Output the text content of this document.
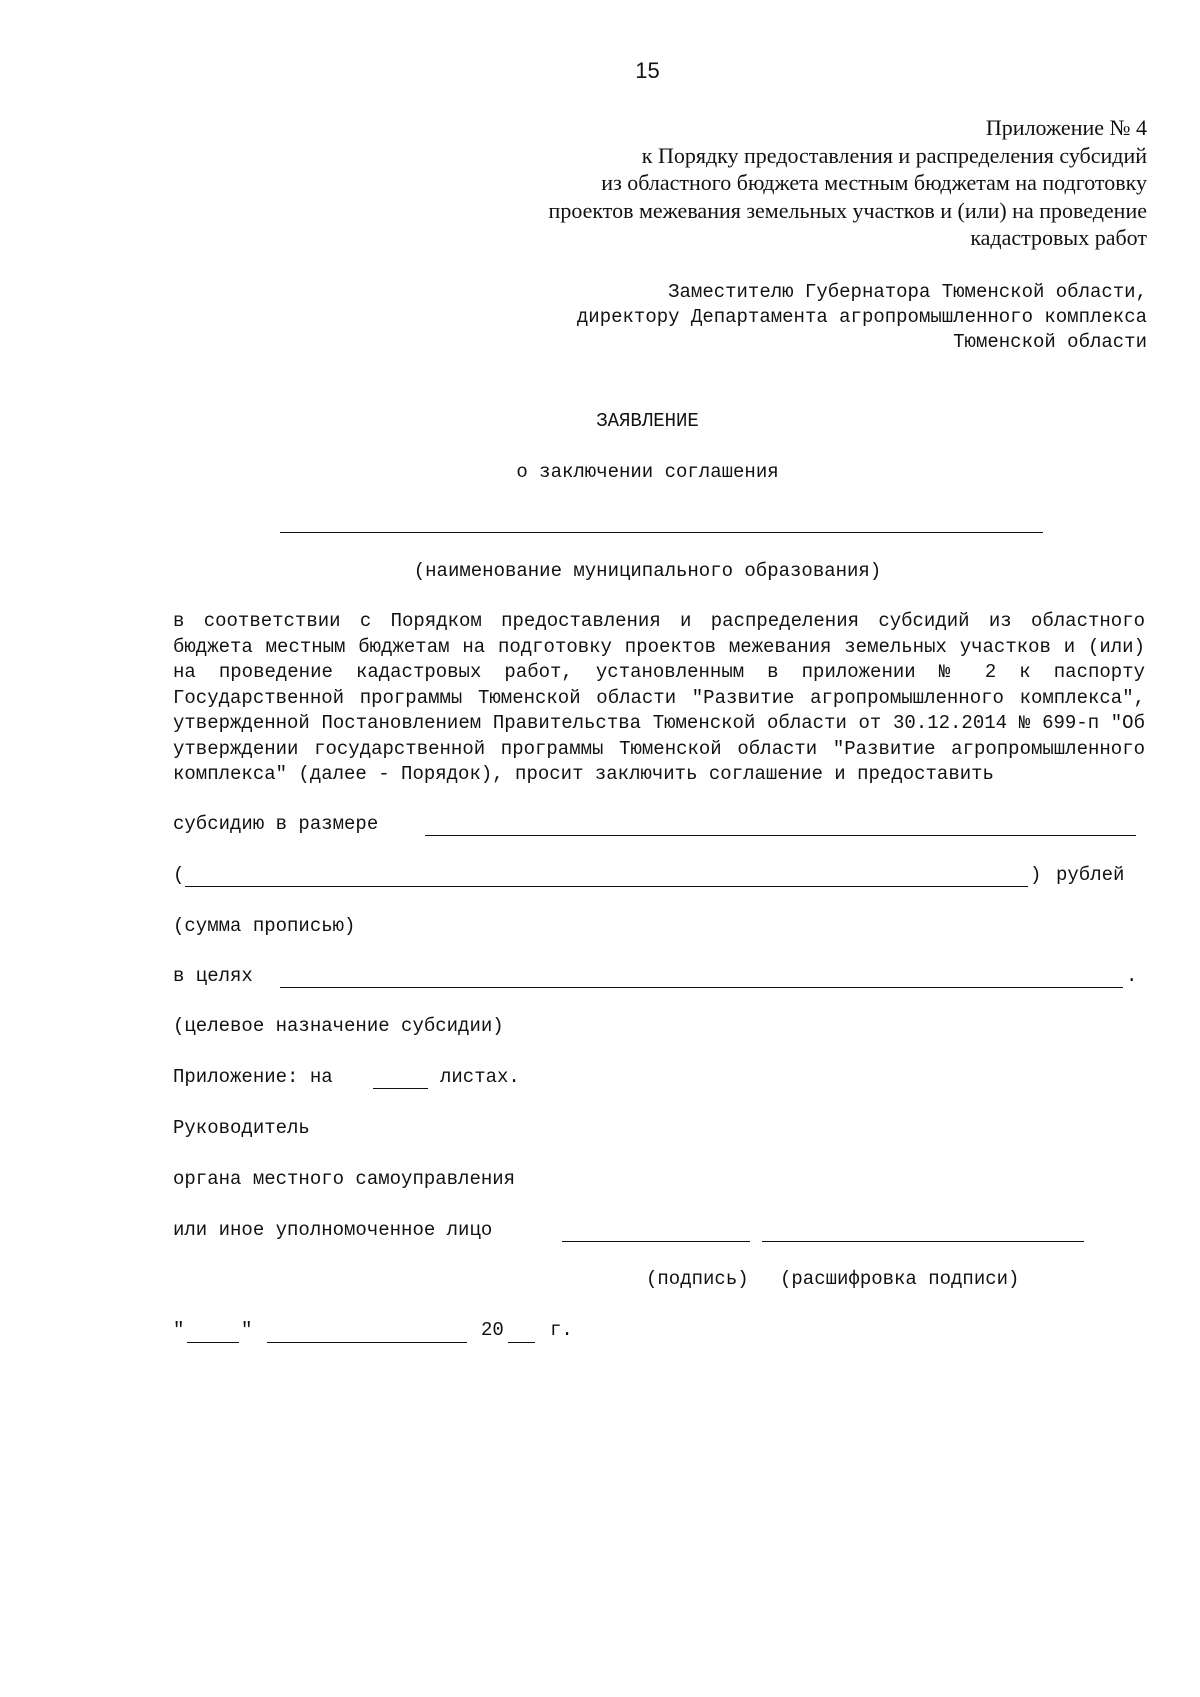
15
Приложение № 4
к Порядку предоставления и распределения субсидий
из областного бюджета местным бюджетам на подготовку
проектов межевания земельных участков и (или) на проведение
кадастровых работ
Заместителю Губернатора Тюменской области,
директору Департамента агропромышленного комплекса
Тюменской области
ЗАЯВЛЕНИЕ
о заключении соглашения
(наименование муниципального образования)
в соответствии с Порядком предоставления и распределения субсидий из областного бюджета местным бюджетам на подготовку проектов межевания земельных участков и (или) на проведение кадастровых работ, установленным в приложении № 2 к паспорту Государственной программы Тюменской области "Развитие агропромышленного комплекса", утвержденной Постановлением Правительства Тюменской области от 30.12.2014 № 699-п "Об утверждении государственной программы Тюменской области "Развитие агропромышленного комплекса" (далее - Порядок), просит заключить соглашение и предоставить
субсидию в размере
(	) рублей
(сумма прописью)
в целях	.
(целевое назначение субсидии)
Приложение: на	листах.
Руководитель
органа местного самоуправления
или иное уполномоченное лицо
(подпись) (расшифровка подписи)
"	"	20 г.
